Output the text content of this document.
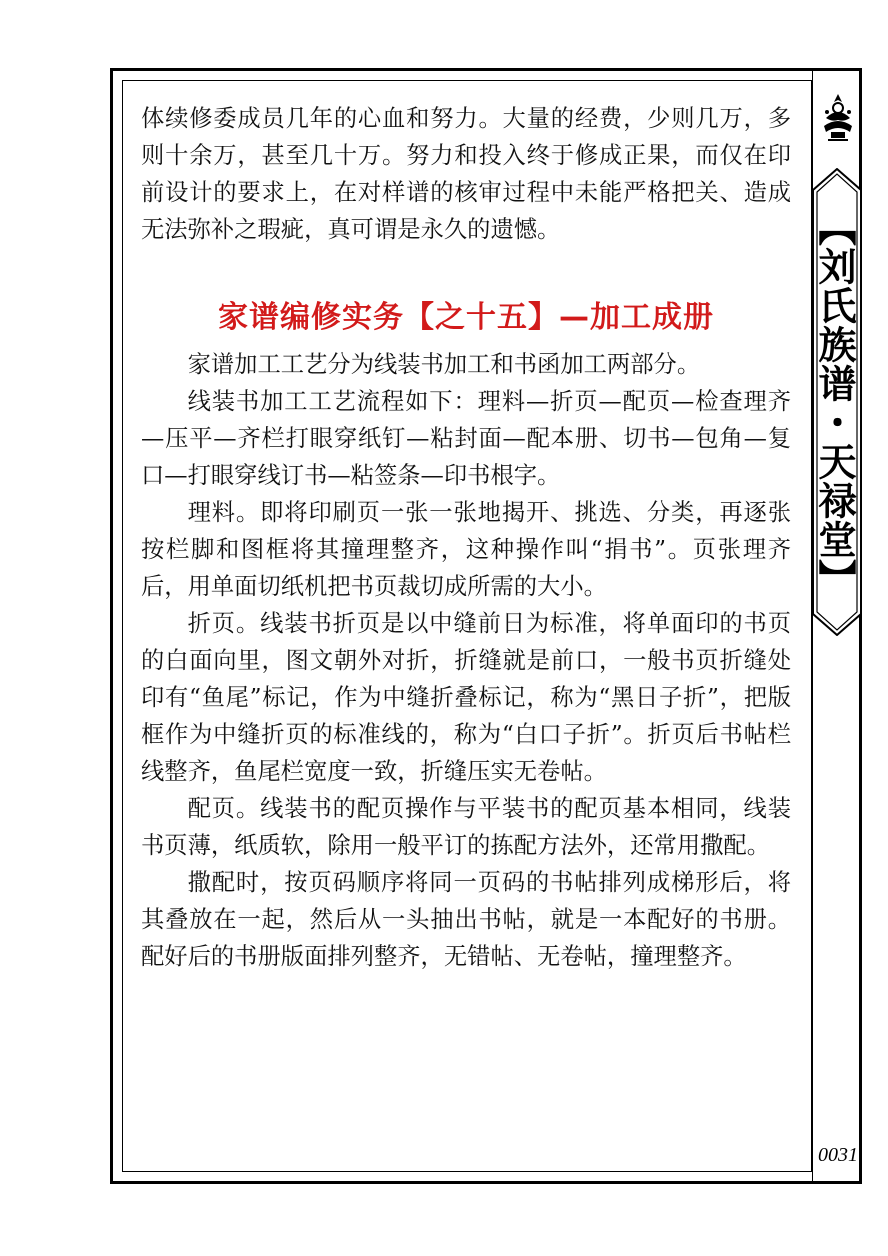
【刘氏族谱・天禄堂】
0031

体续修委成员几年的心血和努力。大量的经费，少则几万，多则十余万，甚至几十万。努力和投入终于修成正果，而仅在印前设计的要求上，在对样谱的核审过程中未能严格把关、造成无法弥补之瑕疵，真可谓是永久的遗憾。

家谱编修实务【之十五】—加工成册

家谱加工工艺分为线装书加工和书函加工两部分。

线装书加工工艺流程如下：理料—折页—配页—检查理齐—压平—齐栏打眼穿纸钉—粘封面—配本册、切书—包角—复口—打眼穿线订书—粘签条—印书根字。

理料。即将印刷页一张一张地揭开、挑选、分类，再逐张按栏脚和图框将其撞理整齐，这种操作叫“捐书”。页张理齐后，用单面切纸机把书页裁切成所需的大小。

折页。线装书折页是以中缝前日为标准，将单面印的书页的白面向里，图文朝外对折，折缝就是前口，一般书页折缝处印有“鱼尾”标记，作为中缝折叠标记，称为“黑日子折”，把版框作为中缝折页的标准线的，称为“白口子折”。折页后书帖栏线整齐，鱼尾栏宽度一致，折缝压实无卷帖。

配页。线装书的配页操作与平装书的配页基本相同，线装书页薄，纸质软，除用一般平订的拣配方法外，还常用撒配。

撒配时，按页码顺序将同一页码的书帖排列成梯形后，将其叠放在一起，然后从一头抽出书帖，就是一本配好的书册。配好后的书册版面排列整齐，无错帖、无卷帖，撞理整齐。
